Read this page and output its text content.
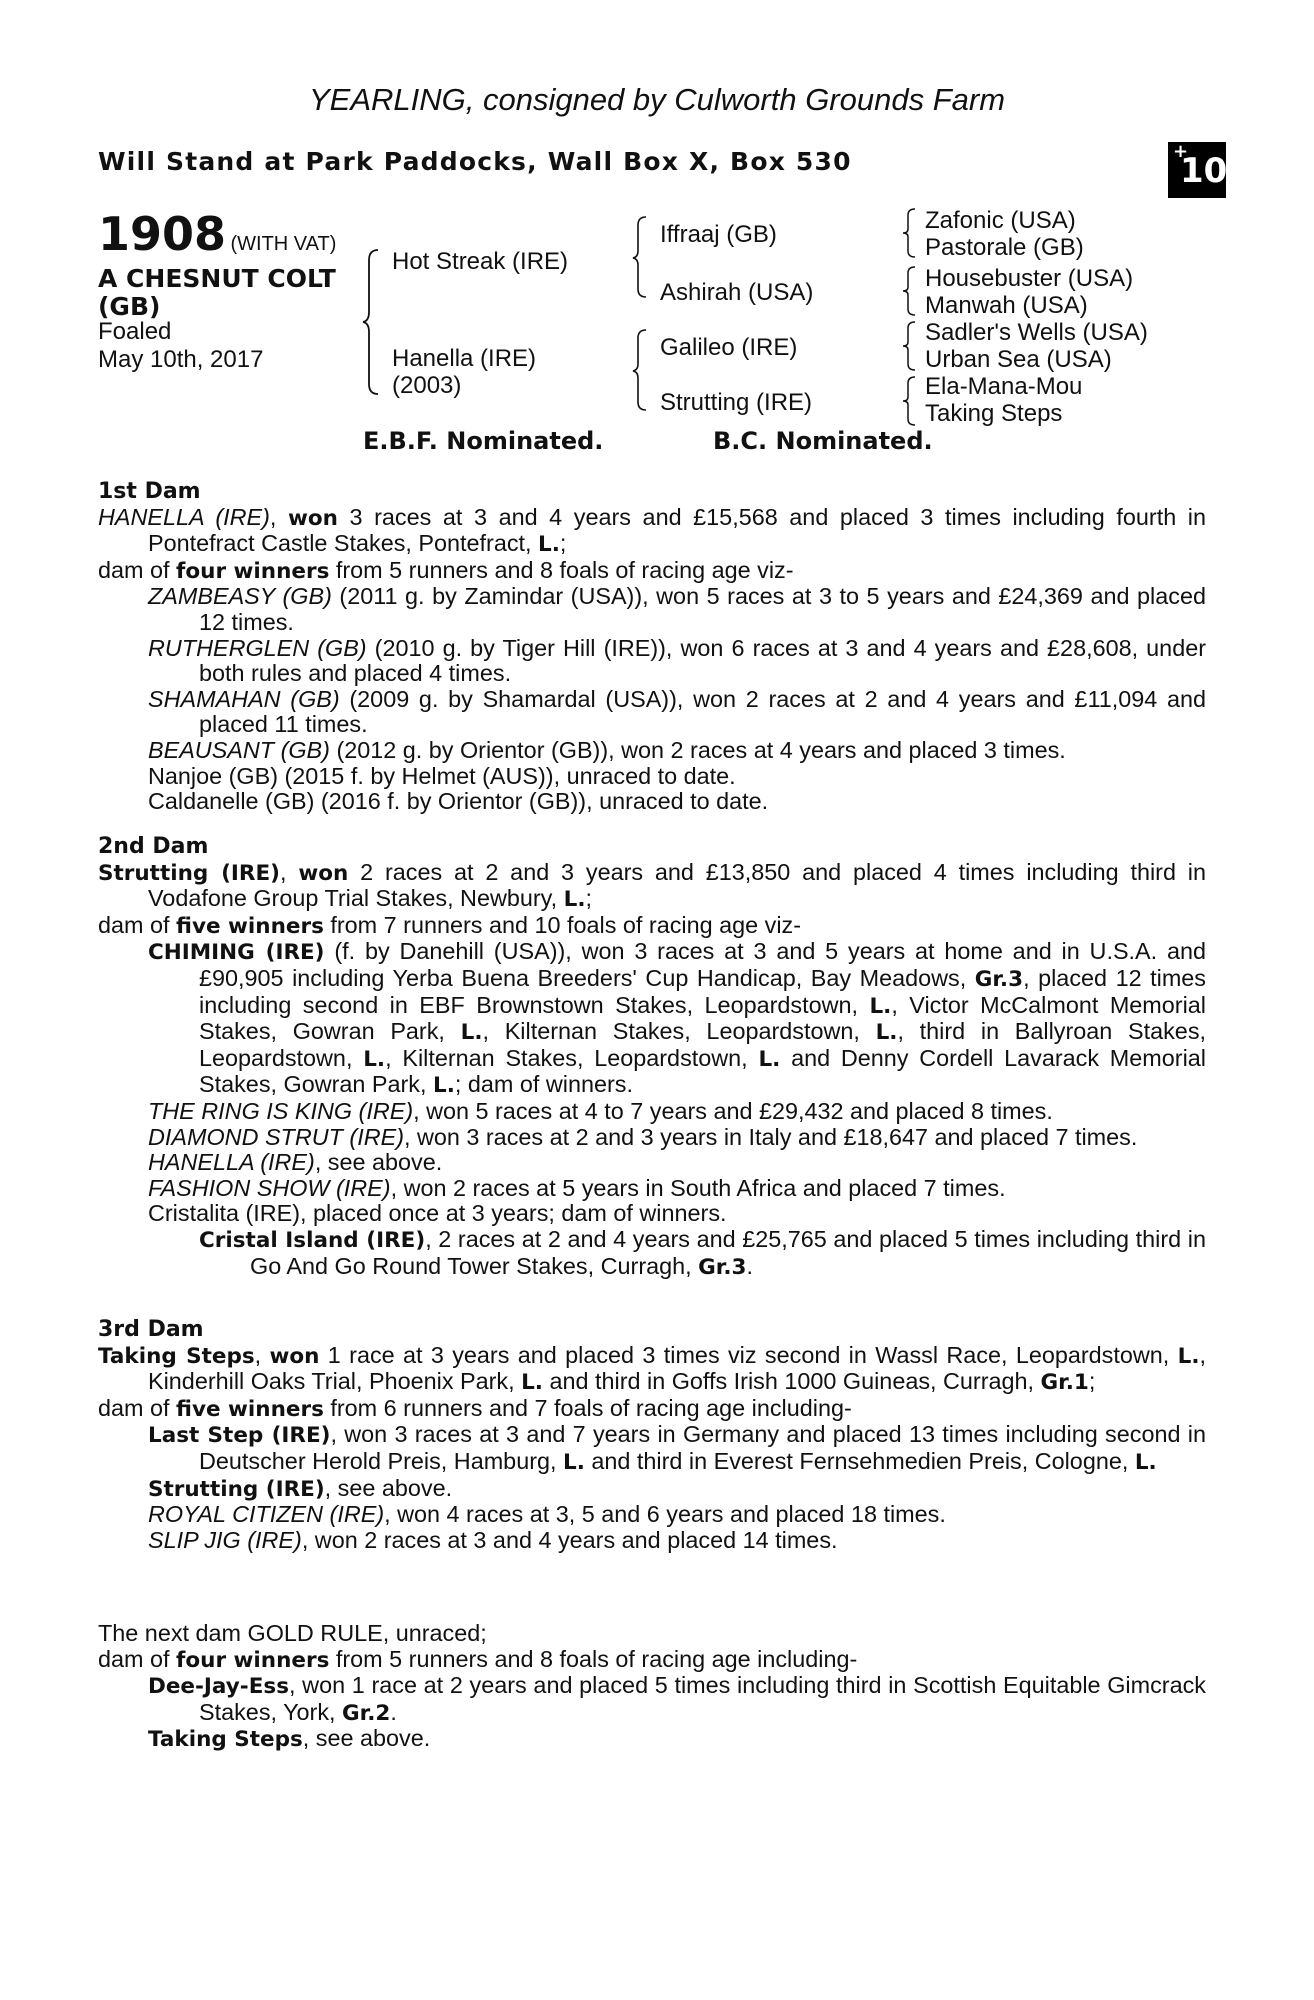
YEARLING, consigned by Culworth Grounds Farm
Will Stand at Park Paddocks, Wall Box X, Box 530	+
10
1908 (WITH VAT)
A CHESNUT COLT
(GB)
Foaled
May 10th, 2017
Hot Streak (IRE)
Hanella (IRE)
(2003)
Iffraaj (GB)
Ashirah (USA)
Galileo (IRE)
Strutting (IRE)
Zafonic (USA)
Pastorale (GB)
Housebuster (USA)
Manwah (USA)
Sadler's Wells (USA)
Urban Sea (USA)
Ela-Mana-Mou
Taking Steps
E.B.F. Nominated.	B.C. Nominated.
1st Dam

HANELLA (IRE), won 3 races at 3 and 4 years and £15,568 and placed 3 times including fourth in Pontefract Castle Stakes, Pontefract, L.;

dam of four winners from 5 runners and 8 foals of racing age viz-

ZAMBEASY (GB) (2011 g. by Zamindar (USA)), won 5 races at 3 to 5 years and £24,369 and placed 12 times.

RUTHERGLEN (GB) (2010 g. by Tiger Hill (IRE)), won 6 races at 3 and 4 years and £28,608, under both rules and placed 4 times.

SHAMAHAN (GB) (2009 g. by Shamardal (USA)), won 2 races at 2 and 4 years and £11,094 and placed 11 times.

BEAUSANT (GB) (2012 g. by Orientor (GB)), won 2 races at 4 years and placed 3 times.

Nanjoe (GB) (2015 f. by Helmet (AUS)), unraced to date.

Caldanelle (GB) (2016 f. by Orientor (GB)), unraced to date.

2nd Dam

Strutting (IRE), won 2 races at 2 and 3 years and £13,850 and placed 4 times including third in Vodafone Group Trial Stakes, Newbury, L.;

dam of five winners from 7 runners and 10 foals of racing age viz-

CHIMING (IRE) (f. by Danehill (USA)), won 3 races at 3 and 5 years at home and in U.S.A. and £90,905 including Yerba Buena Breeders' Cup Handicap, Bay Meadows, Gr.3, placed 12 times including second in EBF Brownstown Stakes, Leopardstown, L., Victor McCalmont Memorial Stakes, Gowran Park, L., Kilternan Stakes, Leopardstown, L., third in Ballyroan Stakes, Leopardstown, L., Kilternan Stakes, Leopardstown, L. and Denny Cordell Lavarack Memorial Stakes, Gowran Park, L.; dam of winners.

THE RING IS KING (IRE), won 5 races at 4 to 7 years and £29,432 and placed 8 times.

DIAMOND STRUT (IRE), won 3 races at 2 and 3 years in Italy and £18,647 and placed 7 times.

HANELLA (IRE), see above.

FASHION SHOW (IRE), won 2 races at 5 years in South Africa and placed 7 times.

Cristalita (IRE), placed once at 3 years; dam of winners.

Cristal Island (IRE), 2 races at 2 and 4 years and £25,765 and placed 5 times including third in Go And Go Round Tower Stakes, Curragh, Gr.3.

3rd Dam

Taking Steps, won 1 race at 3 years and placed 3 times viz second in Wassl Race, Leopardstown, L., Kinderhill Oaks Trial, Phoenix Park, L. and third in Goffs Irish 1000 Guineas, Curragh, Gr.1;

dam of five winners from 6 runners and 7 foals of racing age including-

Last Step (IRE), won 3 races at 3 and 7 years in Germany and placed 13 times including second in Deutscher Herold Preis, Hamburg, L. and third in Everest Fernsehmedien Preis, Cologne, L.

Strutting (IRE), see above.

ROYAL CITIZEN (IRE), won 4 races at 3, 5 and 6 years and placed 18 times.

SLIP JIG (IRE), won 2 races at 3 and 4 years and placed 14 times.

The next dam GOLD RULE, unraced;

dam of four winners from 5 runners and 8 foals of racing age including-

Dee-Jay-Ess, won 1 race at 2 years and placed 5 times including third in Scottish Equitable Gimcrack Stakes, York, Gr.2.

Taking Steps, see above.
